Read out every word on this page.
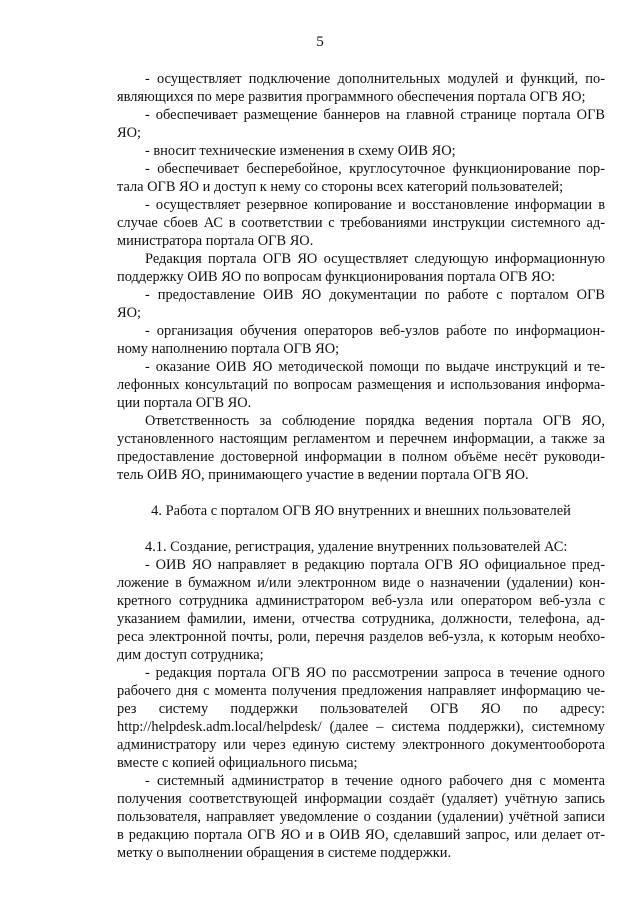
5

- осуществляет подключение дополнительных модулей и функций, по-

являющихся по мере развития программного обеспечения портала ОГВ ЯО;

- обеспечивает размещение баннеров на главной странице портала ОГВ

ЯО;

- вносит технические изменения в схему ОИВ ЯО;

- обеспечивает бесперебойное, круглосуточное функционирование пор-

тала ОГВ ЯО и доступ к нему со стороны всех категорий пользователей;

- осуществляет резервное копирование и восстановление информации в

случае сбоев АС в соответствии с требованиями инструкции системного ад-

министратора портала ОГВ ЯО.

Редакция портала ОГВ ЯО осуществляет следующую информационную

поддержку ОИВ ЯО по вопросам функционирования портала ОГВ ЯО:

- предоставление ОИВ ЯО документации по работе с порталом ОГВ

ЯО;

- организация обучения операторов веб-узлов работе по информацион-

ному наполнению портала ОГВ ЯО;

- оказание ОИВ ЯО методической помощи по выдаче инструкций и те-

лефонных консультаций по вопросам размещения и использования информа-

ции портала ОГВ ЯО.

Ответственность за соблюдение порядка ведения портала ОГВ ЯО,

установленного настоящим регламентом и перечнем информации, а также за

предоставление достоверной информации в полном объёме несёт руководи-

тель ОИВ ЯО, принимающего участие в ведении портала ОГВ ЯО.

4. Работа с порталом ОГВ ЯО внутренних и внешних пользователей

4.1. Создание, регистрация, удаление внутренних пользователей АС:

- ОИВ ЯО направляет в редакцию портала ОГВ ЯО официальное пред-

ложение в бумажном и/или электронном виде о назначении (удалении) кон-

кретного сотрудника администратором веб-узла или оператором веб-узла с

указанием фамилии, имени, отчества сотрудника, должности, телефона, ад-

реса электронной почты, роли, перечня разделов веб-узла, к которым необхо-

дим доступ сотрудника;

- редакция портала ОГВ ЯО по рассмотрении запроса в течение одного

рабочего дня с момента получения предложения направляет информацию че-

рез систему поддержки пользователей ОГВ ЯО по адресу:

http://helpdesk.adm.local/helpdesk/ (далее – система поддержки), системному

администратору или через единую систему электронного документооборота

вместе с копией официального письма;

- системный администратор в течение одного рабочего дня с момента

получения соответствующей информации создаёт (удаляет) учётную запись

пользователя, направляет уведомление о создании (удалении) учётной записи

в редакцию портала ОГВ ЯО и в ОИВ ЯО, сделавший запрос, или делает от-

метку о выполнении обращения в системе поддержки.
